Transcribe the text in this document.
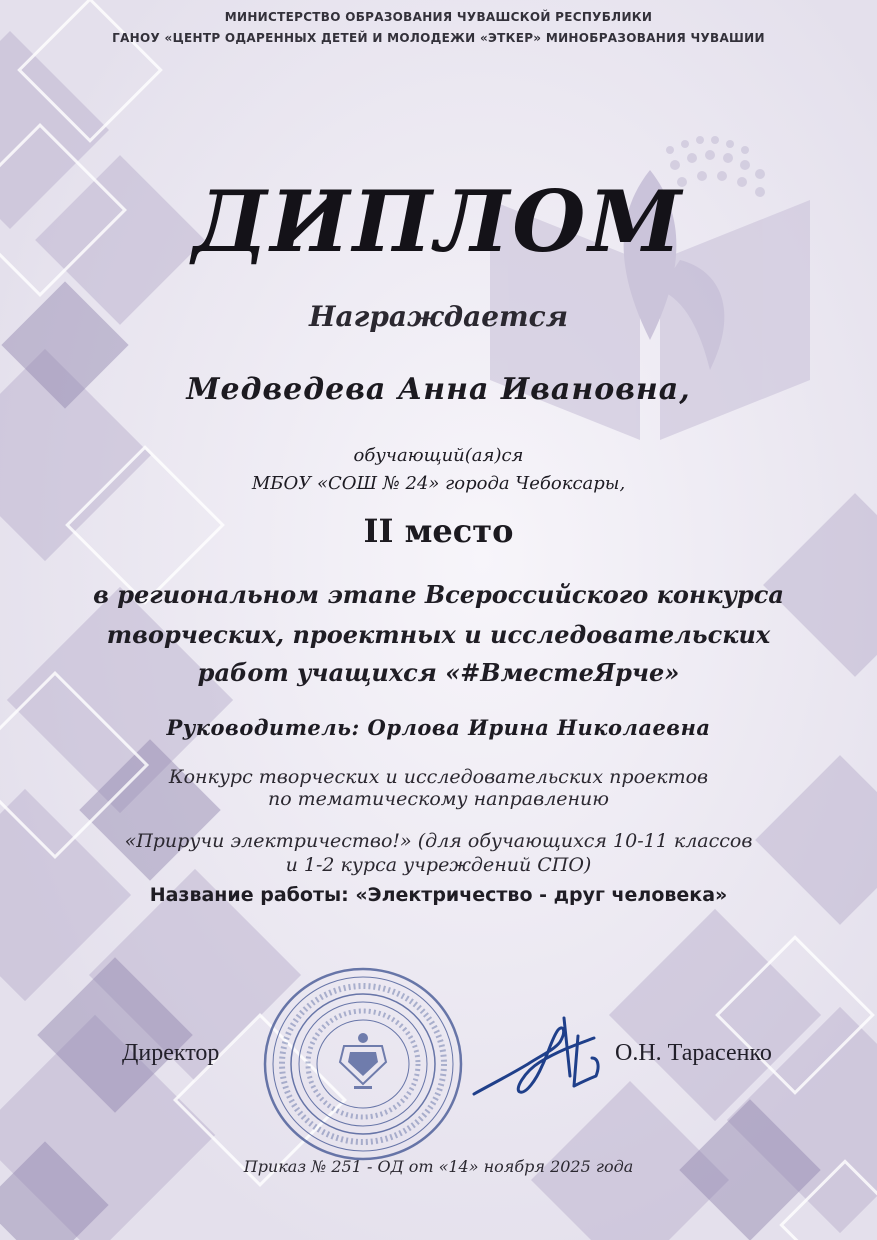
МИНИСТЕРСТВО ОБРАЗОВАНИЯ ЧУВАШСКОЙ РЕСПУБЛИКИ
ГАНОУ «ЦЕНТР ОДАРЕННЫХ ДЕТЕЙ И МОЛОДЕЖИ «ЭТКЕР» МИНОБРАЗОВАНИЯ ЧУВАШИИ
ДИПЛОМ
Награждается
Медведева Анна Ивановна,
обучающий(ая)ся
МБОУ «СОШ № 24» города Чебоксары,
II место
в региональном этапе Всероссийского конкурса
творческих, проектных и исследовательских
работ учащихся «#ВместеЯрче»
Руководитель: Орлова Ирина Николаевна
Конкурс творческих и исследовательских проектов
по тематическому направлению
«Приручи электричество!» (для обучающихся 10-11 классов
и 1-2 курса учреждений СПО)
Название работы: «Электричество - друг человека»
Директор	О.Н. Тарасенко
Приказ № 251 - ОД от «14» ноября 2025 года
